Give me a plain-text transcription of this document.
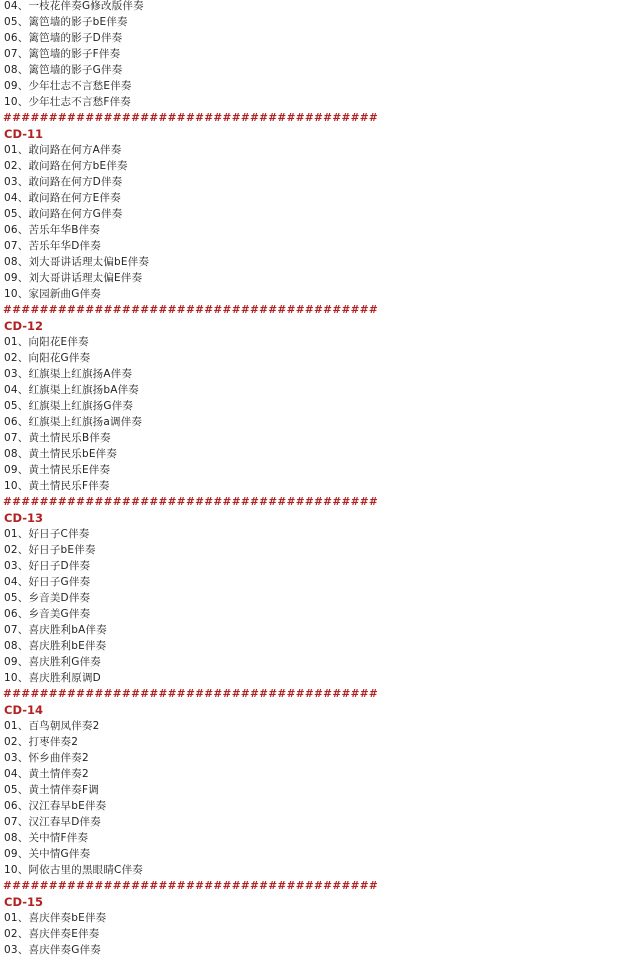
04、一枝花伴奏G修改版伴奏
05、篱笆墙的影子bE伴奏
06、篱笆墙的影子D伴奏
07、篱笆墙的影子F伴奏
08、篱笆墙的影子G伴奏
09、少年壮志不言愁E伴奏
10、少年壮志不言愁F伴奏
#########################################
CD-11
01、敢问路在何方A伴奏
02、敢问路在何方bE伴奏
03、敢问路在何方D伴奏
04、敢问路在何方E伴奏
05、敢问路在何方G伴奏
06、苦乐年华B伴奏
07、苦乐年华D伴奏
08、刘大哥讲话理太偏bE伴奏
09、刘大哥讲话理太偏E伴奏
10、家园新曲G伴奏
#########################################
CD-12
01、向阳花E伴奏
02、向阳花G伴奏
03、红旗渠上红旗扬A伴奏
04、红旗渠上红旗扬bA伴奏
05、红旗渠上红旗扬G伴奏
06、红旗渠上红旗扬a调伴奏
07、黄土情民乐B伴奏
08、黄土情民乐bE伴奏
09、黄土情民乐E伴奏
10、黄土情民乐F伴奏
#########################################
CD-13
01、好日子C伴奏
02、好日子bE伴奏
03、好日子D伴奏
04、好日子G伴奏
05、乡音美D伴奏
06、乡音美G伴奏
07、喜庆胜利bA伴奏
08、喜庆胜利bE伴奏
09、喜庆胜利G伴奏
10、喜庆胜利原调D
#########################################
CD-14
01、百鸟朝凤伴奏2
02、打枣伴奏2
03、怀乡曲伴奏2
04、黄土情伴奏2
05、黄土情伴奏F调
06、汉江春早bE伴奏
07、汉江春早D伴奏
08、关中情F伴奏
09、关中情G伴奏
10、阿依古里的黑眼睛C伴奏
#########################################
CD-15
01、喜庆伴奏bE伴奏
02、喜庆伴奏E伴奏
03、喜庆伴奏G伴奏
